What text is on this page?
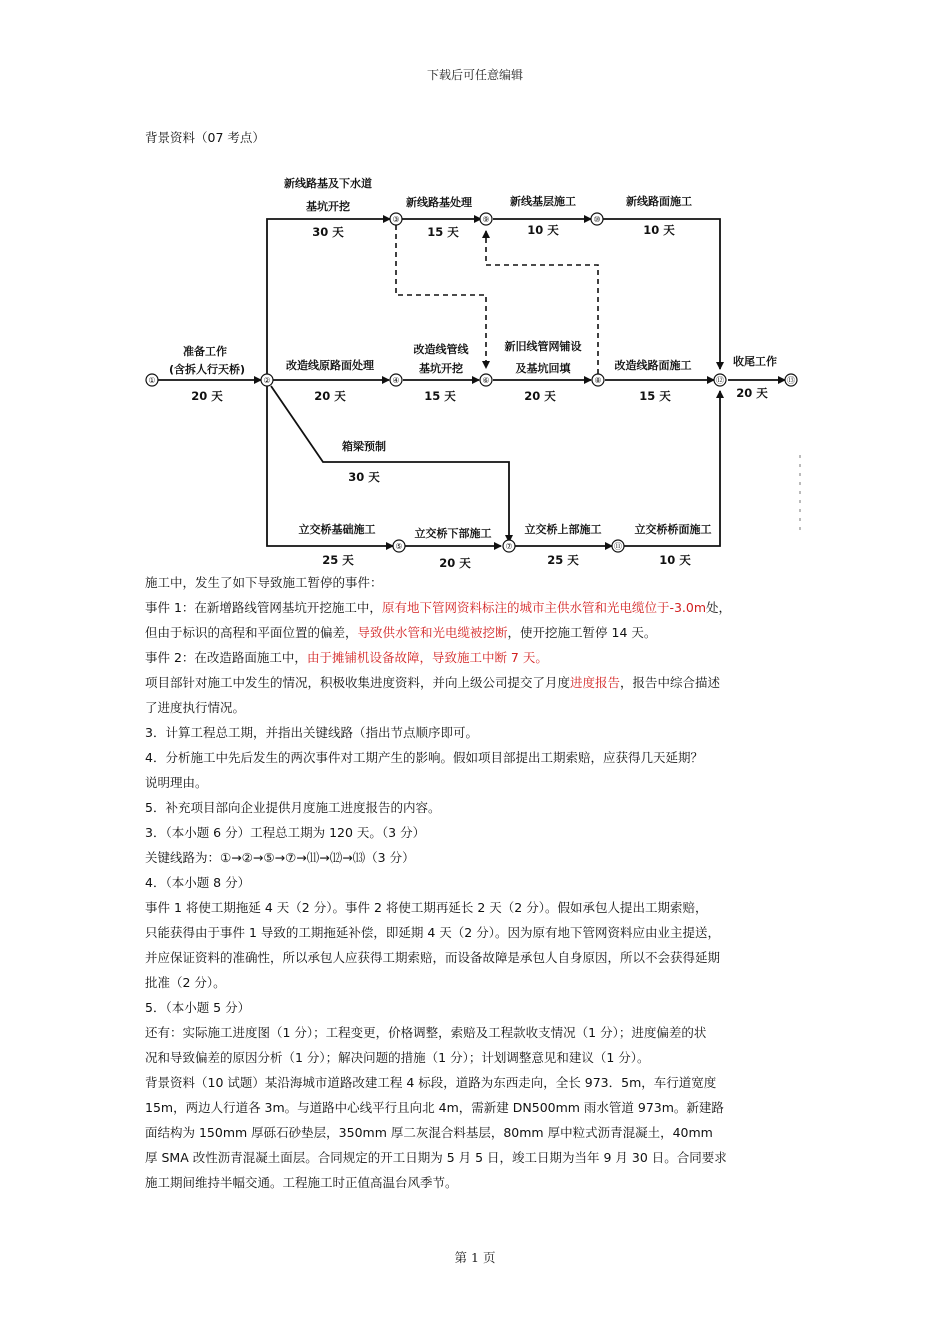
下载后可任意编辑
背景资料（07 考点）
①	②
③
④
⑤
⑥
⑦
⑧
⑨	⑩
⑪
⑫	⑬
准备工作
(含拆人行天桥)
20 天
新线路基及下水道
基坑开挖
30 天
新线路基处理
15 天
新线基层施工
10 天
新线路面施工
10 天
改造线原路面处理
20 天
改造线管线
基坑开挖
15 天
新旧线管网铺设
及基坑回填
20 天
改造线路面施工
15 天
收尾工作
20 天
箱梁预制
30 天
立交桥基础施工
25 天
立交桥下部施工
20 天
立交桥上部施工
25 天
立交桥桥面施工
10 天
施工中，发生了如下导致施工暂停的事件：
事件 1：在新增路线管网基坑开挖施工中，原有地下管网资料标注的城市主供水管和光电缆位于-3.0m处，
但由于标识的高程和平面位置的偏差，导致供水管和光电缆被挖断，使开挖施工暂停 14 天。
事件 2：在改造路面施工中，由于摊铺机设备故障，导致施工中断 7 天。
项目部针对施工中发生的情况，积极收集进度资料，并向上级公司提交了月度进度报告，报告中综合描述
了进度执行情况。
3．计算工程总工期，并指出关键线路（指出节点顺序即可。
4．分析施工中先后发生的两次事件对工期产生的影响。假如项目部提出工期索赔，应获得几天延期？
说明理由。
5．补充项目部向企业提供月度施工进度报告的内容。
3．（本小题 6 分）工程总工期为 120 天。（3 分）
关键线路为：①→②→⑤→⑦→⑾→⑿→⒀（3 分）
4．（本小题 8 分）
事件 1 将使工期拖延 4 天（2 分）。事件 2 将使工期再延长 2 天（2 分）。假如承包人提出工期索赔，
只能获得由于事件 1 导致的工期拖延补偿，即延期 4 天（2 分）。因为原有地下管网资料应由业主提送，
并应保证资料的准确性，所以承包人应获得工期索赔，而设备故障是承包人自身原因，所以不会获得延期
批准（2 分）。
5．（本小题 5 分）
还有：实际施工进度图（1 分）；工程变更，价格调整，索赔及工程款收支情况（1 分）；进度偏差的状
况和导致偏差的原因分析（1 分）；解决问题的措施（1 分）；计划调整意见和建议（1 分）。
背景资料（10 试题）某沿海城市道路改建工程 4 标段，道路为东西走向，全长 973．5m，车行道宽度
15m，两边人行道各 3m。与道路中心线平行且向北 4m，需新建 DN500mm 雨水管道 973m。新建路
面结构为 150mm 厚砾石砂垫层，350mm 厚二灰混合料基层，80mm 厚中粒式沥青混凝土，40mm
厚 SMA 改性沥青混凝土面层。合同规定的开工日期为 5 月 5 日，竣工日期为当年 9 月 30 日。合同要求
施工期间维持半幅交通。工程施工时正值高温台风季节。
第 1 页
